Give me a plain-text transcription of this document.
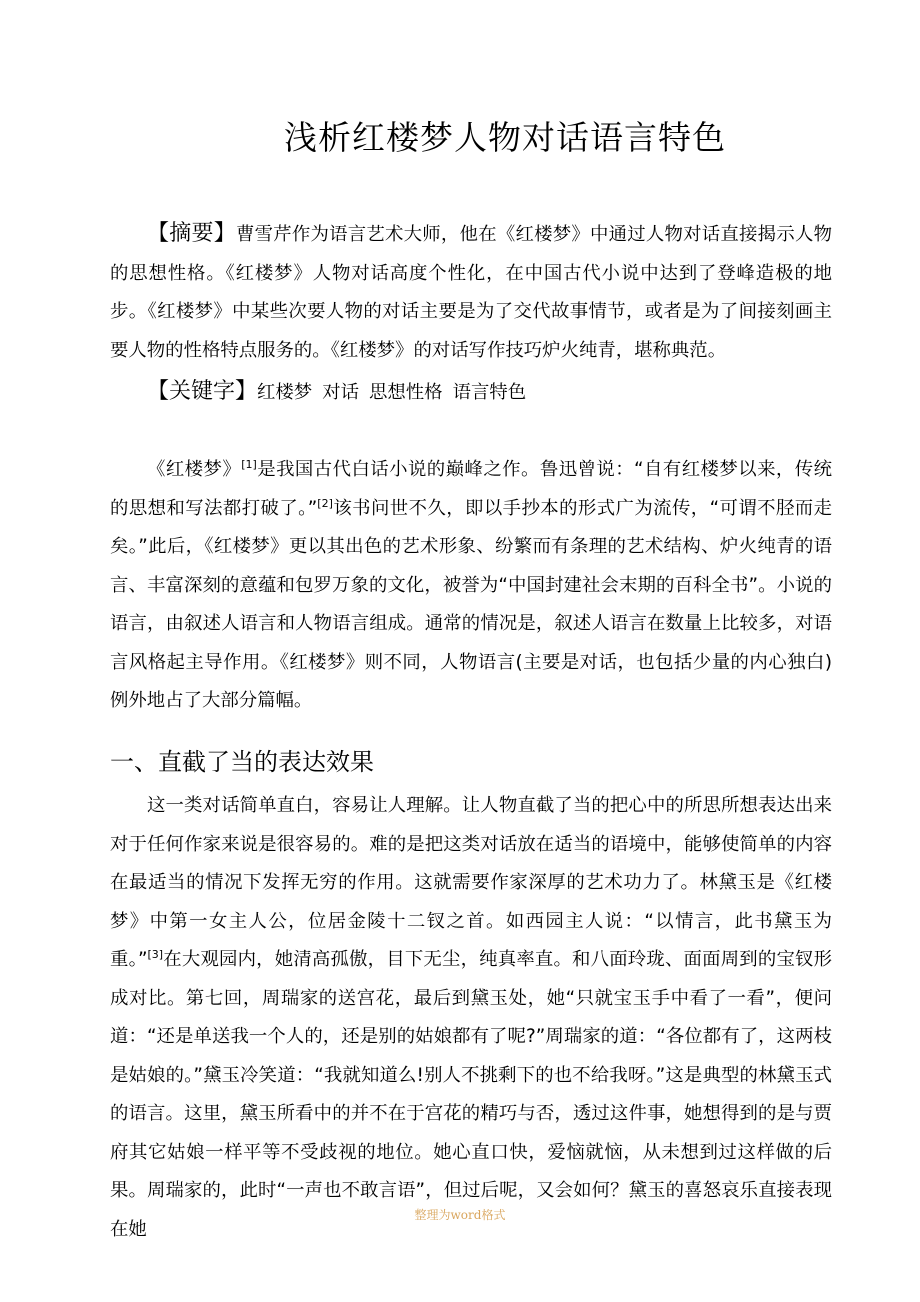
浅析红楼梦人物对话语言特色

【摘要】曹雪芹作为语言艺术大师，他在《红楼梦》中通过人物对话直接揭示人物的思想性格。《红楼梦》人物对话高度个性化，在中国古代小说中达到了登峰造极的地步。《红楼梦》中某些次要人物的对话主要是为了交代故事情节，或者是为了间接刻画主要人物的性格特点服务的。《红楼梦》的对话写作技巧炉火纯青，堪称典范。

【关键字】红楼梦 对话 思想性格 语言特色

《红楼梦》[1]是我国古代白话小说的巅峰之作。鲁迅曾说：“自有红楼梦以来，传统的思想和写法都打破了。”[2]该书问世不久，即以手抄本的形式广为流传，“可谓不胫而走矣。”此后，《红楼梦》更以其出色的艺术形象、纷繁而有条理的艺术结构、炉火纯青的语言、丰富深刻的意蕴和包罗万象的文化，被誉为“中国封建社会末期的百科全书”。小说的语言，由叙述人语言和人物语言组成。通常的情况是，叙述人语言在数量上比较多，对语言风格起主导作用。《红楼梦》则不同，人物语言(主要是对话，也包括少量的内心独白)例外地占了大部分篇幅。

一、直截了当的表达效果

这一类对话简单直白，容易让人理解。让人物直截了当的把心中的所思所想表达出来对于任何作家来说是很容易的。难的是把这类对话放在适当的语境中，能够使简单的内容在最适当的情况下发挥无穷的作用。这就需要作家深厚的艺术功力了。林黛玉是《红楼梦》中第一女主人公，位居金陵十二钗之首。如西园主人说：“以情言，此书黛玉为重。”[3]在大观园内，她清高孤傲，目下无尘，纯真率直。和八面玲珑、面面周到的宝钗形成对比。第七回，周瑞家的送宫花，最后到黛玉处，她“只就宝玉手中看了一看”，便问道：“还是单送我一个人的，还是别的姑娘都有了呢?”周瑞家的道：“各位都有了，这两枝是姑娘的。”黛玉冷笑道：“我就知道么!别人不挑剩下的也不给我呀。”这是典型的林黛玉式的语言。这里，黛玉所看中的并不在于宫花的精巧与否，透过这件事，她想得到的是与贾府其它姑娘一样平等不受歧视的地位。她心直口快，爱恼就恼，从未想到过这样做的后果。周瑞家的，此时“一声也不敢言语”，但过后呢，又会如何？黛玉的喜怒哀乐直接表现在她

整理为word格式
